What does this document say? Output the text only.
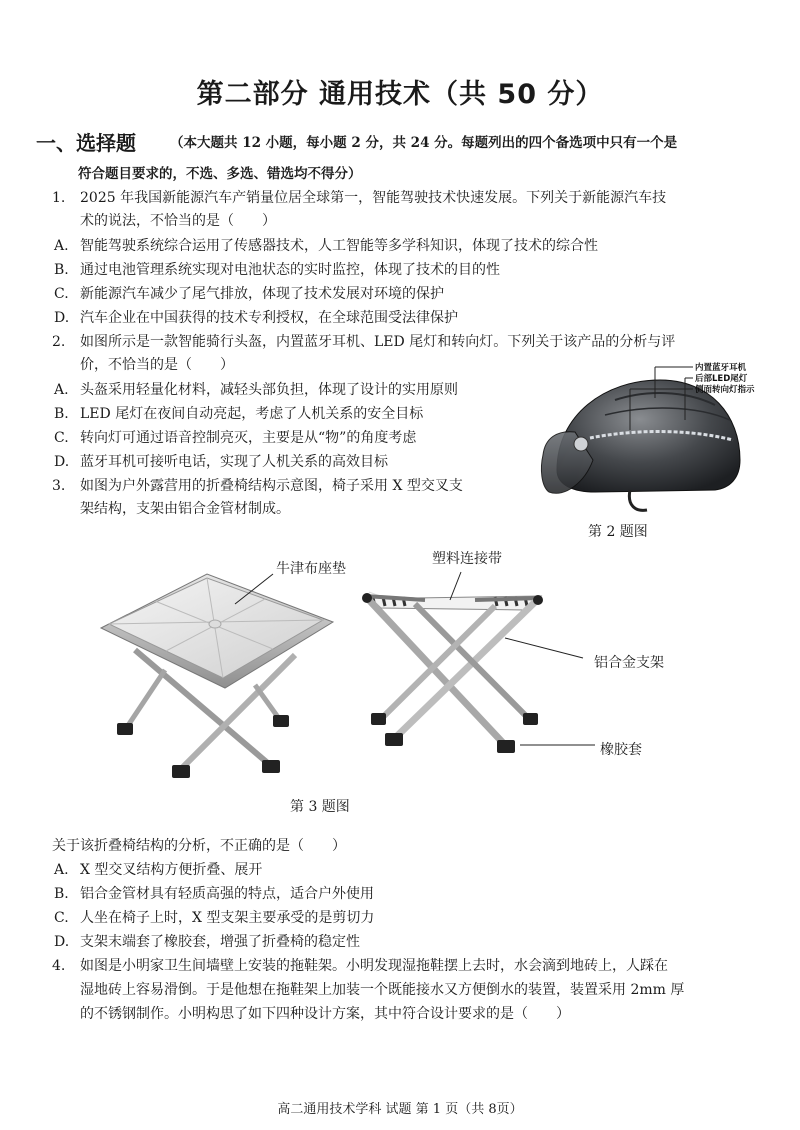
第二部分 通用技术（共 50 分）
一、选择题	（本大题共 12 小题，每小题 2 分，共 24 分。每题列出的四个备选项中只有一个是
符合题目要求的，不选、多选、错选均不得分）
1. 2025 年我国新能源汽车产销量位居全球第一，智能驾驶技术快速发展。下列关于新能源汽车技
术的说法，不恰当的是（　　）
A. 智能驾驶系统综合运用了传感器技术，人工智能等多学科知识，体现了技术的综合性
B. 通过电池管理系统实现对电池状态的实时监控，体现了技术的目的性
C. 新能源汽车减少了尾气排放，体现了技术发展对环境的保护
D. 汽车企业在中国获得的技术专利授权，在全球范围受法律保护
2. 如图所示是一款智能骑行头盔，内置蓝牙耳机、LED 尾灯和转向灯。下列关于该产品的分析与评
价，不恰当的是（　　）
A. 头盔采用轻量化材料，减轻头部负担，体现了设计的实用原则
B. LED 尾灯在夜间自动亮起，考虑了人机关系的安全目标
C. 转向灯可通过语音控制亮灭，主要是从“物”的角度考虑
D. 蓝牙耳机可接听电话，实现了人机关系的高效目标
内置蓝牙耳机
后部LED尾灯
侧面转向灯指示
第 2 题图
3. 如图为户外露营用的折叠椅结构示意图，椅子采用 X 型交叉支
架结构，支架由铝合金管材制成。
牛津布座垫
塑料连接带
铝合金支架
橡胶套
第 3 题图
关于该折叠椅结构的分析，不正确的是（　　）
A. X 型交叉结构方便折叠、展开
B. 铝合金管材具有轻质高强的特点，适合户外使用
C. 人坐在椅子上时，X 型支架主要承受的是剪切力
D. 支架末端套了橡胶套，增强了折叠椅的稳定性
4. 如图是小明家卫生间墙壁上安装的拖鞋架。小明发现湿拖鞋摆上去时，水会滴到地砖上，人踩在
湿地砖上容易滑倒。于是他想在拖鞋架上加装一个既能接水又方便倒水的装置，装置采用 2mm 厚
的不锈钢制作。小明构思了如下四种设计方案，其中符合设计要求的是（　　）
高二通用技术学科 试题 第 1 页（共 8页）
